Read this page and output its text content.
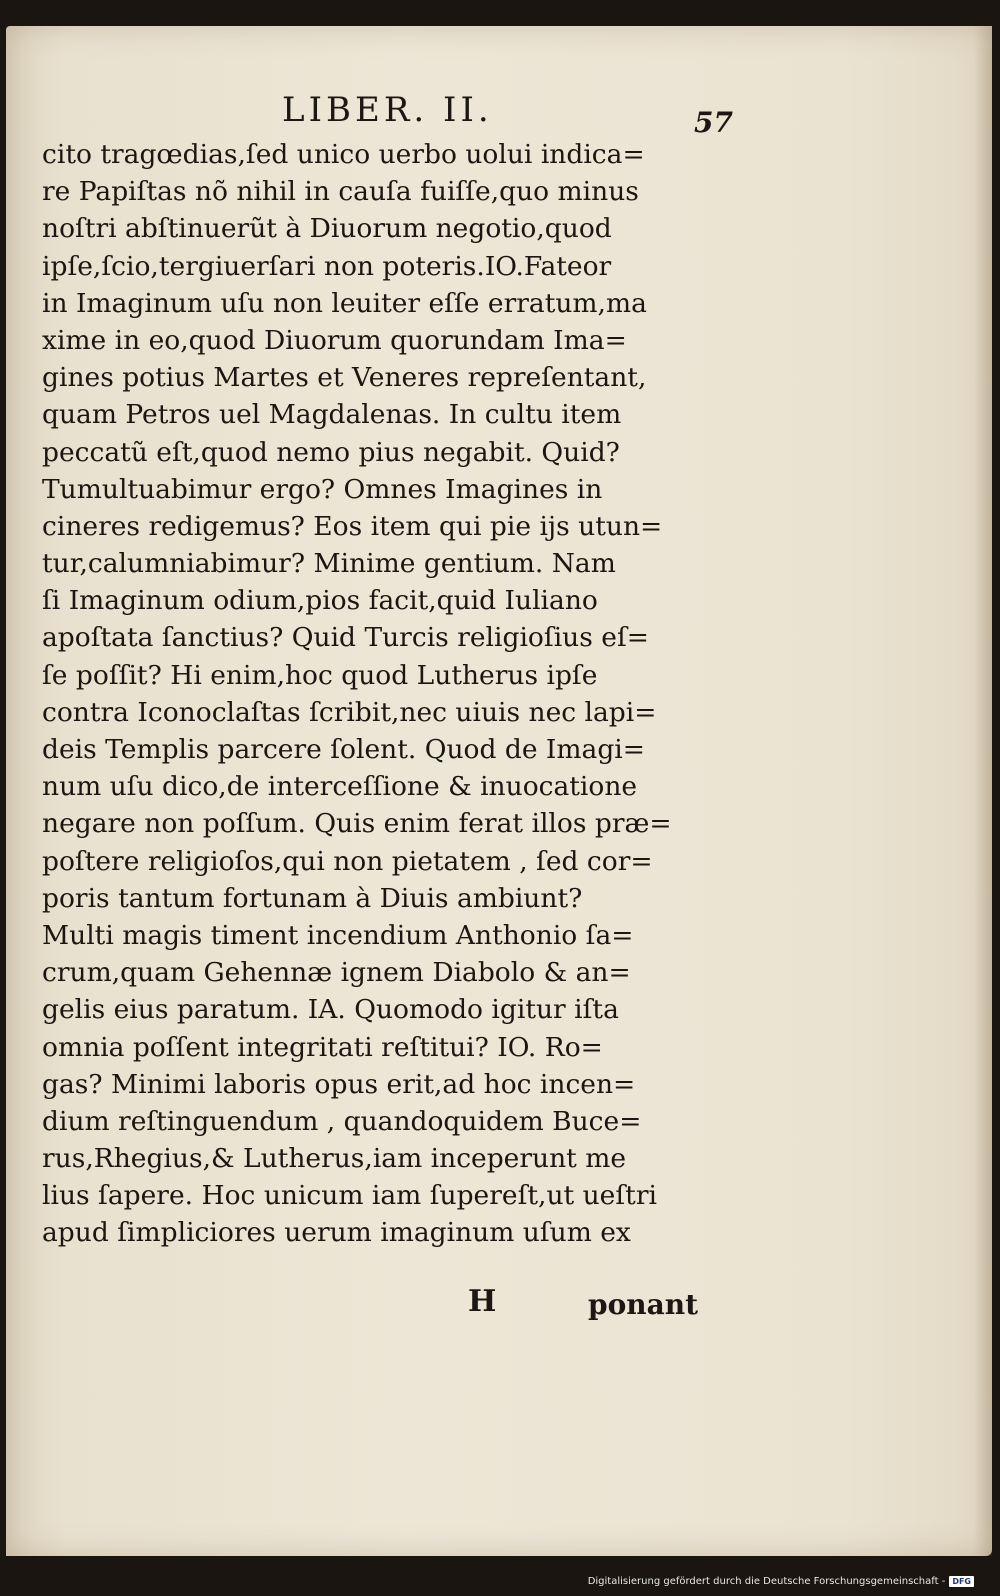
LIBER. II.	57
cito tragœdias,ſed unico uerbo uolui indica=
re Papiſtas nõ nihil in cauſa fuiſſe,quo minus
noſtri abſtinuerũt à Diuorum negotio,quod
ipſe,ſcio,tergiuerſari non poteris.IO.Fateor
in Imaginum uſu non leuiter eſſe erratum,ma
xime in eo,quod Diuorum quorundam Ima=
gines potius Martes et Veneres repreſentant,
quam Petros uel Magdalenas. In cultu item
peccatũ eſt,quod nemo pius negabit. Quid?
Tumultuabimur ergo? Omnes Imagines in
cineres redigemus? Eos item qui pie ijs utun=
tur,calumniabimur? Minime gentium. Nam
ſi Imaginum odium,pios facit,quid Iuliano
apoſtata ſanctius? Quid Turcis religioſius eſ=
ſe poſſit? Hi enim,hoc quod Lutherus ipſe
contra Iconoclaſtas ſcribit,nec uiuis nec lapi=
deis Templis parcere ſolent. Quod de Imagi=
num uſu dico,de interceſſione & inuocatione
negare non poſſum. Quis enim ferat illos præ=
poſtere religioſos,qui non pietatem , ſed cor=
poris tantum fortunam à Diuis ambiunt?
Multi magis timent incendium Anthonio ſa=
crum,quam Gehennæ ignem Diabolo & an=
gelis eius paratum. IA. Quomodo igitur iſta
omnia poſſent integritati reſtitui? IO. Ro=
gas? Minimi laboris opus erit,ad hoc incen=
dium reſtinguendum , quandoquidem Buce=
rus,Rhegius,& Lutherus,iam inceperunt me
lius ſapere. Hoc unicum iam ſupereſt,ut ueſtri
apud ſimpliciores uerum imaginum uſum ex
H	ponant
Digitalisierung gefördert durch die Deutsche Forschungsgemeinschaft - DFG
